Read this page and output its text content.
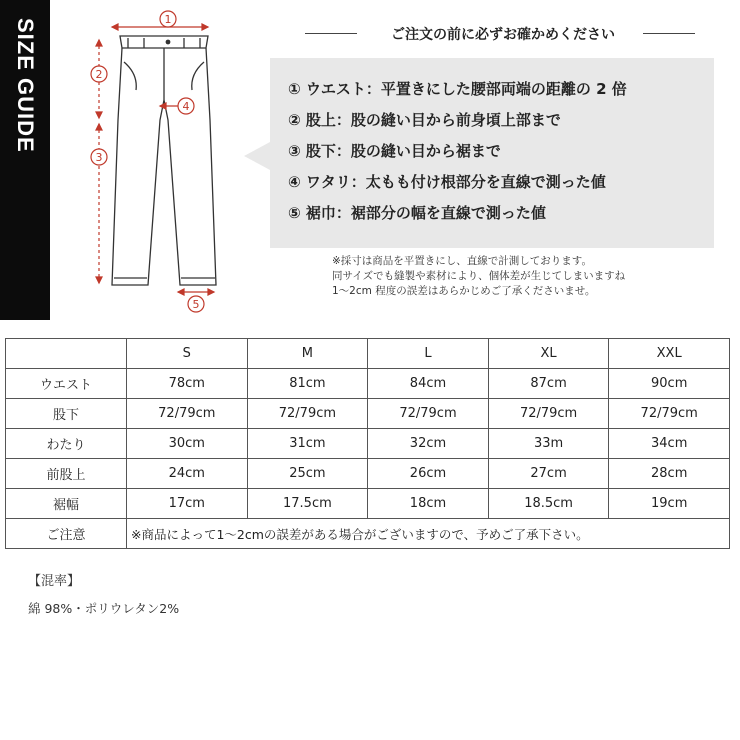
SIZE GUIDE	1
2
3
4
5
ご注文の前に必ずお確かめください
① ウエスト：平置きにした腰部両端の距離の 2 倍
② 股上：股の縫い目から前身頃上部まで
③ 股下：股の縫い目から裾まで
④ ワタリ：太もも付け根部分を直線で測った値
⑤ 裾巾：裾部分の幅を直線で測った値
※採寸は商品を平置きにし、直線で計測しております。
同サイズでも縫製や素材により、個体差が生じてしまいますね
1〜2cm 程度の誤差はあらかじめご了承くださいませ。
	S	M	L	XL	XXL
ウエスト	78cm	81cm	84cm	87cm	90cm
股下	72/79cm	72/79cm	72/79cm	72/79cm	72/79cm
わたり	30cm	31cm	32cm	33m	34cm
前股上	24cm	25cm	26cm	27cm	28cm
裾幅	17cm	17.5cm	18cm	18.5cm	19cm
ご注意	※商品によって1〜2cmの誤差がある場合がございますので、予めご了承下さい。				
【混率】
綿 98%・ポリウレタン2%
